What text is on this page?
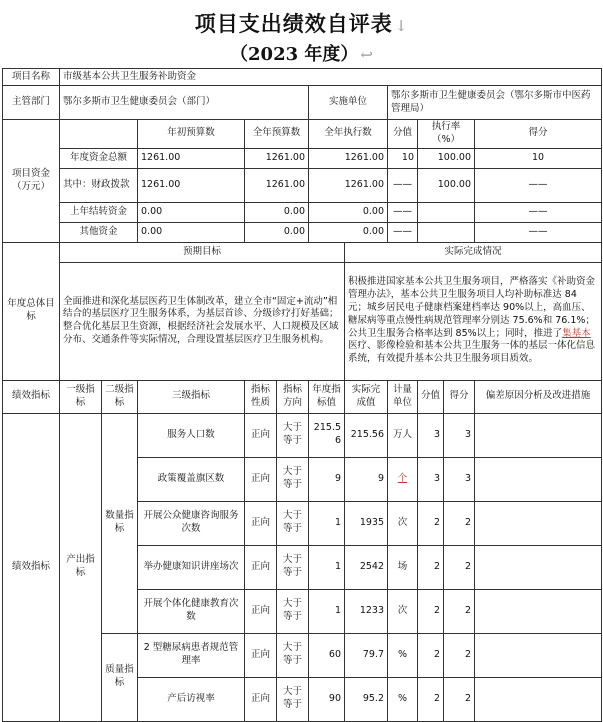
项目支出绩效自评表 ↓
（2023 年度） ↩
项目名称	市级基本公共卫生服务补助资金										
主管部门	鄂尔多斯市卫生健康委员会（部门）					实施单位		鄂尔多斯市卫生健康委员会（鄂尔多斯市中医药管理局）			
项目资金（万元）			年初预算数	全年预算数		全年执行数		分值	执行率（%）		得分
	年度资金总额		1261.00	1261.00		1261.00		10	100.00		10
	其中：财政拨款		1261.00	1261.00		1261.00		——	100.00		——
	上年结转资金		0.00	0.00		0.00		——			——
	其他资金		0.00	0.00		0.00		——			——
年度总体目标	预期目标						实际完成情况				
	全面推进和深化基层医药卫生体制改革，建立全市“固定+流动”相结合的基层医疗卫生服务体系，为基层首诊、分级诊疗打好基础；整合优化基层卫生资源，根据经济社会发展水平、人口规模及区域分布、交通条件等实际情况，合理设置基层医疗卫生服务机构。						积极推进国家基本公共卫生服务项目，严格落实《补助资金管理办法》，基本公共卫生服务项目人均补助标准达 84 元；城乡居民电子健康档案建档率达 90%以上，高血压、糖尿病等重点慢性病规范管理率分别达 75.6%和 76.1%；公共卫生服务合格率达到 85%以上；同时，推进了集基本医疗、影像检验和基本公共卫生服务一体的基层一体化信息系统，有效提升基本公共卫生服务项目质效。				
绩效指标	一级指标	二级指标	三级指标	指标性质	指标方向	年度指标值	实际完成值	计量单位	分值	得分	偏差原因分析及改进措施
绩效指标	产出指标	数量指标	服务人口数	正向	大于等于	215.56	215.56	万人	3	3	
			政策覆盖旗区数	正向	大于等于	9	9	个	3	3	
			开展公众健康咨询服务次数	正向	大于等于	1	1935	次	2	2	
			举办健康知识讲座场次	正向	大于等于	1	2542	场	2	2	
			开展个体化健康教育次数	正向	大于等于	1	1233	次	2	2	
		质量指标	2 型糖尿病患者规范管理率	正向	大于等于	60	79.7	%	2	2	
			产后访视率	正向	大于等于	90	95.2	%	2	2	
